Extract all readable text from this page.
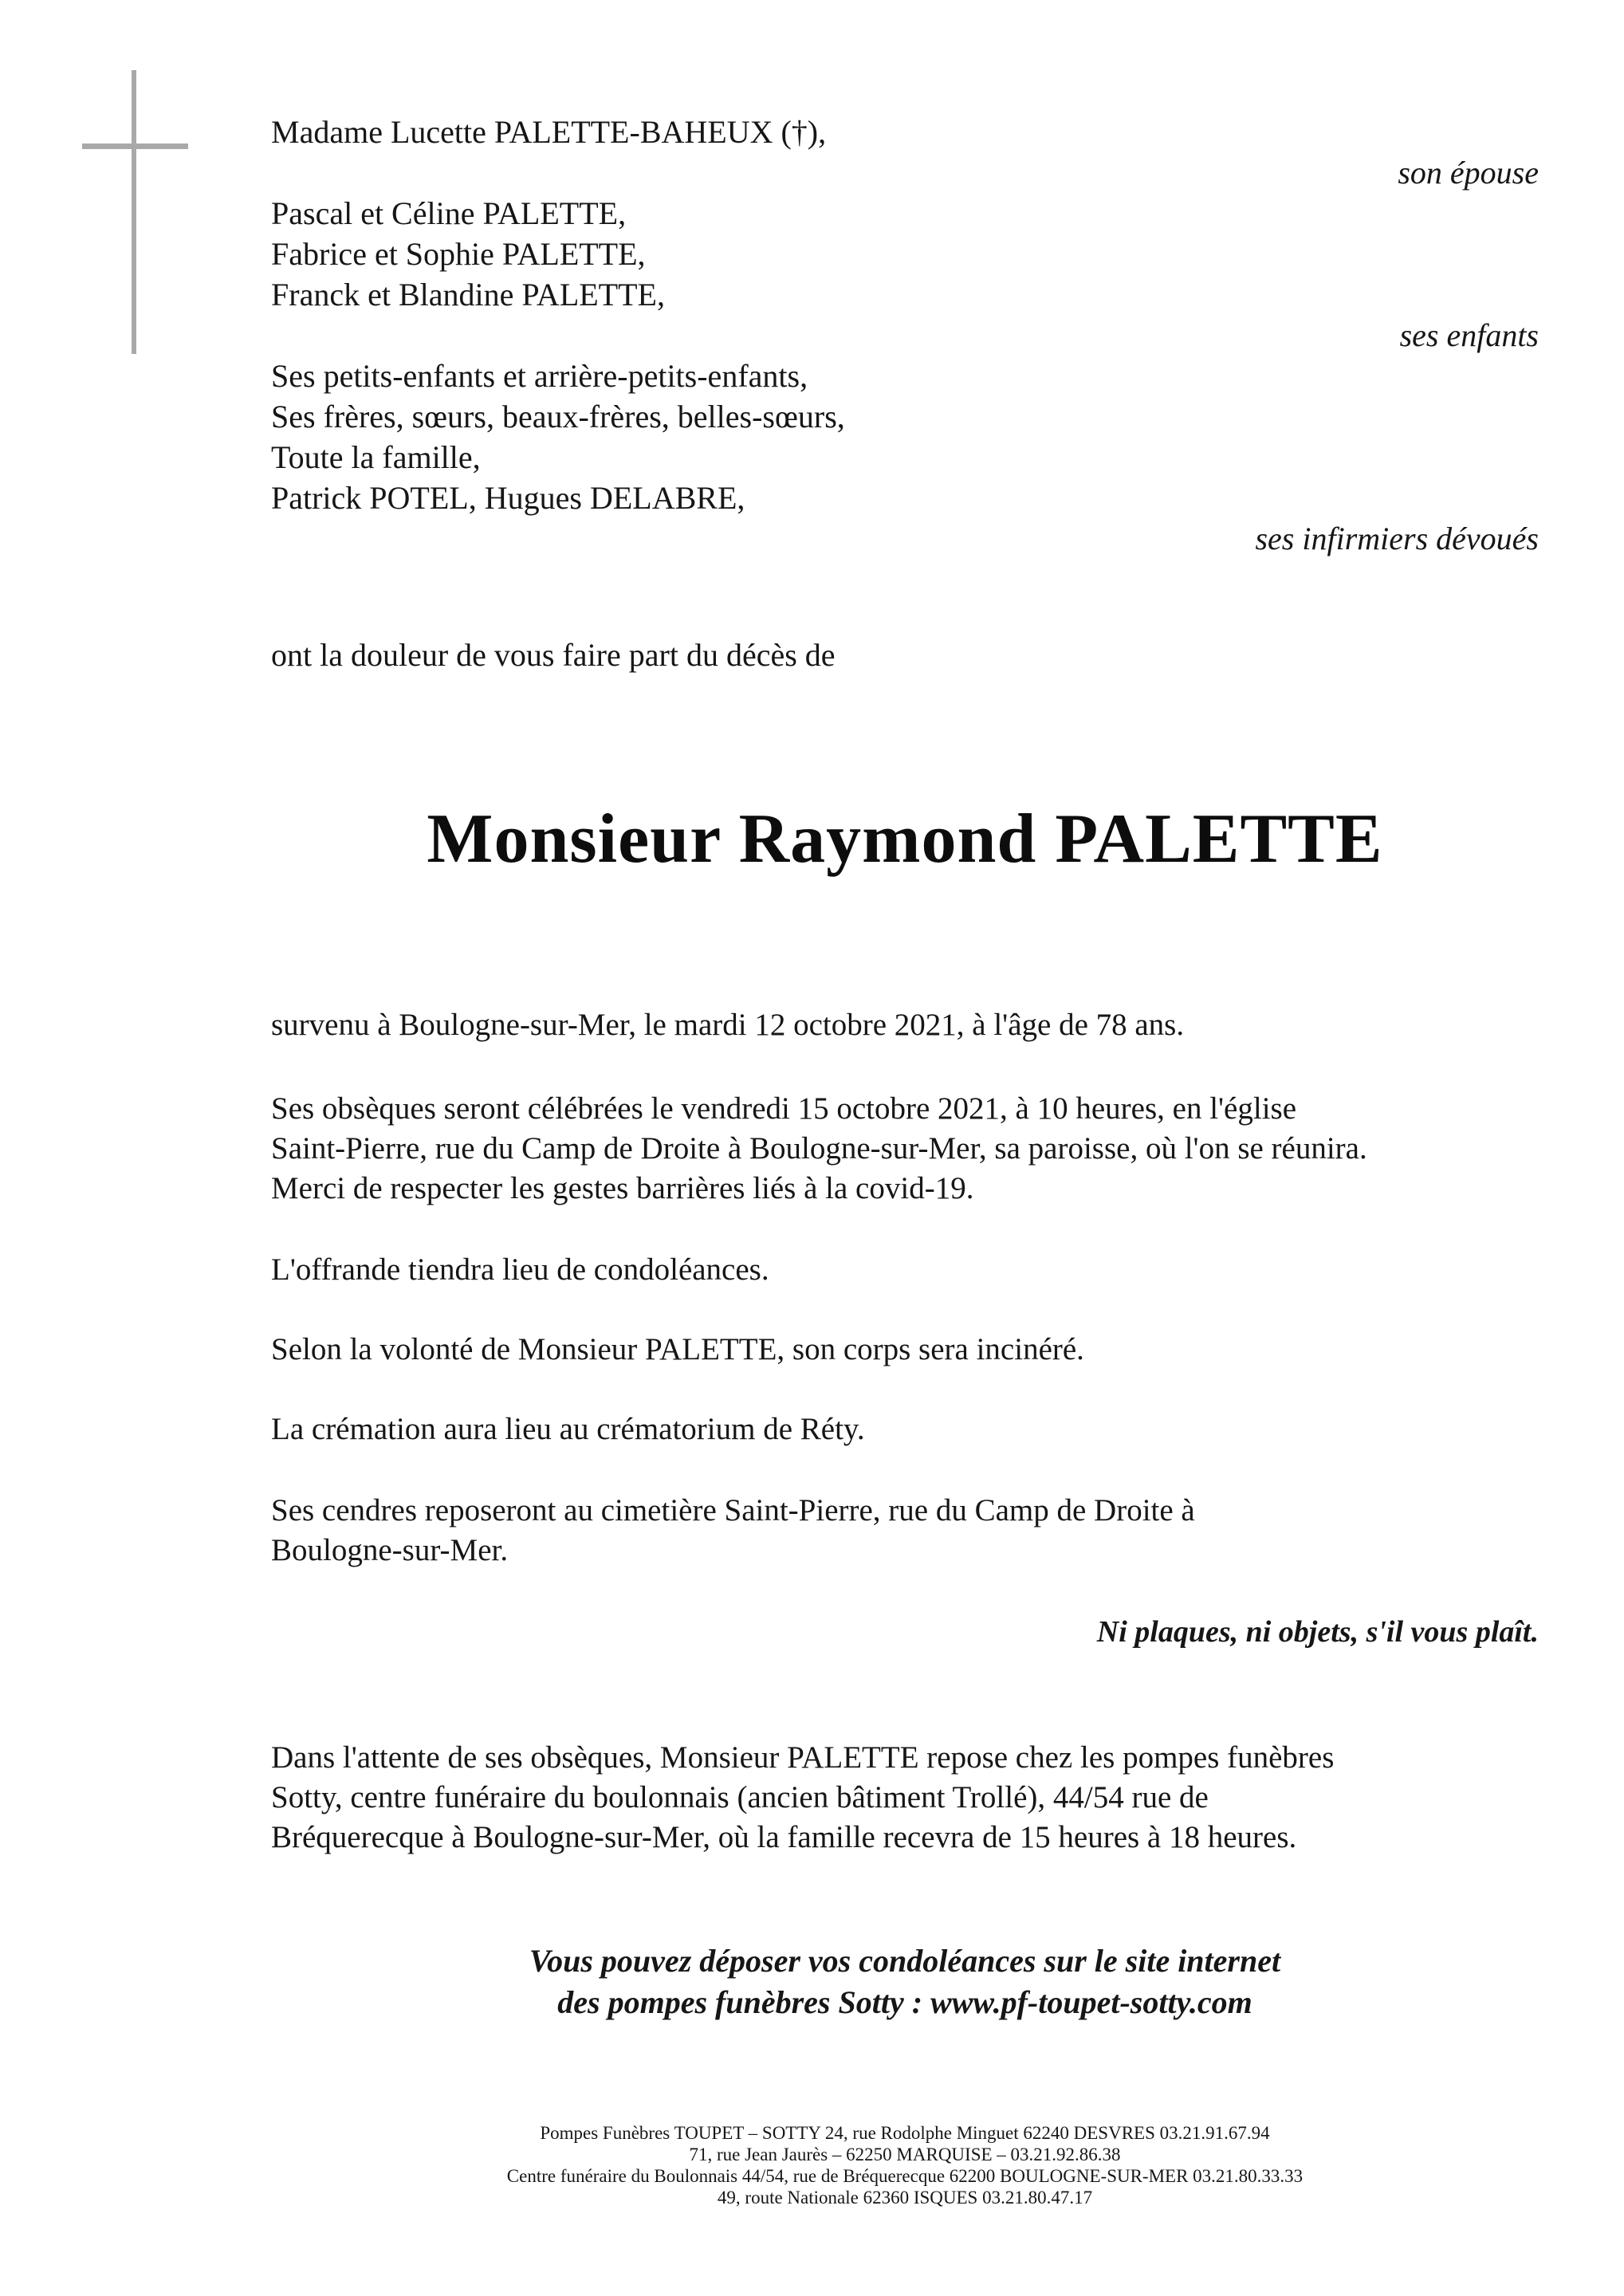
Madame Lucette PALETTE-BAHEUX (†),
son épouse
Pascal et Céline PALETTE,
Fabrice et Sophie PALETTE,
Franck et Blandine PALETTE,
ses enfants
Ses petits-enfants et arrière-petits-enfants,
Ses frères, sœurs, beaux-frères, belles-sœurs,
Toute la famille,
Patrick POTEL, Hugues DELABRE,
ses infirmiers dévoués
ont la douleur de vous faire part du décès de
Monsieur Raymond PALETTE
survenu à Boulogne-sur-Mer, le mardi 12 octobre 2021, à l'âge de 78 ans.
Ses obsèques seront célébrées le vendredi 15 octobre 2021, à 10 heures, en l'église
Saint-Pierre, rue du Camp de Droite à Boulogne-sur-Mer, sa paroisse, où l'on se réunira.
Merci de respecter les gestes barrières liés à la covid-19.
L'offrande tiendra lieu de condoléances.
Selon la volonté de Monsieur PALETTE, son corps sera incinéré.
La crémation aura lieu au crématorium de Réty.
Ses cendres reposeront au cimetière Saint-Pierre, rue du Camp de Droite à
Boulogne-sur-Mer.
Ni plaques, ni objets, s'il vous plaît.
Dans l'attente de ses obsèques, Monsieur PALETTE repose chez les pompes funèbres
Sotty, centre funéraire du boulonnais (ancien bâtiment Trollé), 44/54 rue de
Bréquerecque à Boulogne-sur-Mer, où la famille recevra de 15 heures à 18 heures.
Vous pouvez déposer vos condoléances sur le site internet
des pompes funèbres Sotty : www.pf-toupet-sotty.com
Pompes Funèbres TOUPET – SOTTY 24, rue Rodolphe Minguet 62240 DESVRES 03.21.91.67.94
71, rue Jean Jaurès – 62250 MARQUISE – 03.21.92.86.38
Centre funéraire du Boulonnais 44/54, rue de Bréquerecque 62200 BOULOGNE-SUR-MER 03.21.80.33.33
49, route Nationale 62360 ISQUES 03.21.80.47.17
